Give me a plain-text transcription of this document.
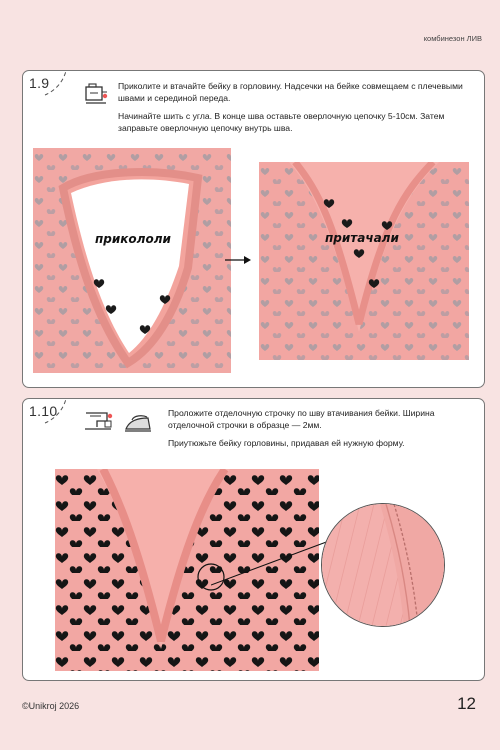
комбинезон ЛИВ
1.9	Приколите и втачайте бейку в горловину. Надсечки на бейке совмещаем с плечевыми швами и серединой переда.

Начинайте шить с угла. В конце шва оставьте оверлочную цепочку 5-10см. Затем заправьте оверлочную цепочку внутрь шва.

прикололи	притачали
1.10	Проложите отделочную строчку по шву втачивания бейки. Ширина отделочной строчки в образце — 2мм.

Приутюжьте бейку горловины, придавая ей нужную форму.

©Unikroj 2026	12
